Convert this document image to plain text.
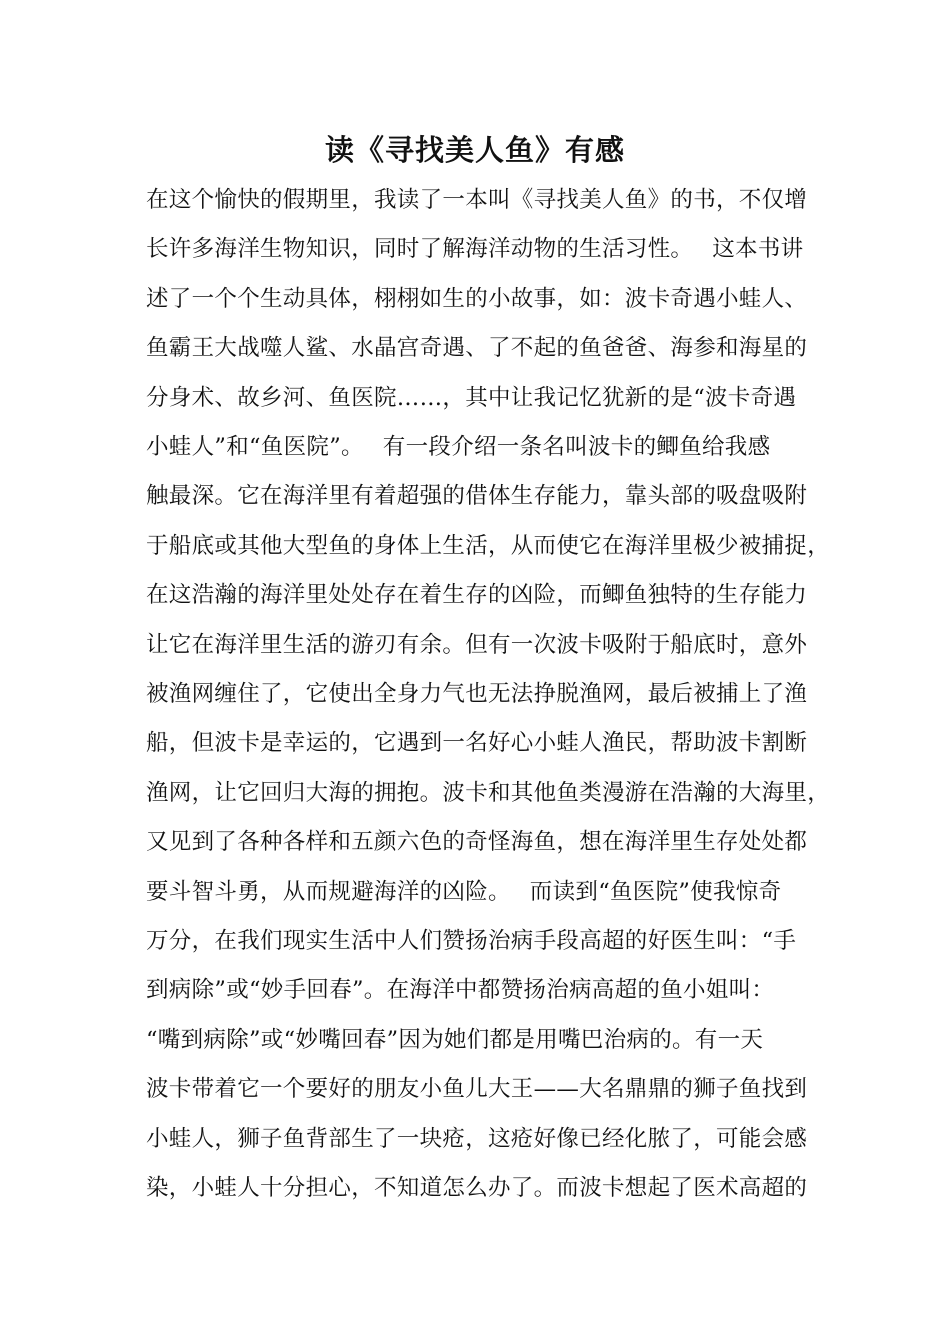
读《寻找美人鱼》有感
在这个愉快的假期里，我读了一本叫《寻找美人鱼》的书，不仅增
长许多海洋生物知识，同时了解海洋动物的生活习性。　 这本书讲
述了一个个生动具体，栩栩如生的小故事，如：波卡奇遇小蛙人、
鱼霸王大战噬人鲨、水晶宫奇遇、了不起的鱼爸爸、海参和海星的
分身术、故乡河、鱼医院……，其中让我记忆犹新的是“波卡奇遇
小蛙人”和“鱼医院”。　 有一段介绍一条名叫波卡的鲫鱼给我感
触最深。它在海洋里有着超强的借体生存能力，靠头部的吸盘吸附
于船底或其他大型鱼的身体上生活，从而使它在海洋里极少被捕捉，
在这浩瀚的海洋里处处存在着生存的凶险，而鲫鱼独特的生存能力
让它在海洋里生活的游刃有余。但有一次波卡吸附于船底时，意外
被渔网缠住了，它使出全身力气也无法挣脱渔网，最后被捕上了渔
船，但波卡是幸运的，它遇到一名好心小蛙人渔民，帮助波卡割断
渔网，让它回归大海的拥抱。波卡和其他鱼类漫游在浩瀚的大海里，
又见到了各种各样和五颜六色的奇怪海鱼，想在海洋里生存处处都
要斗智斗勇，从而规避海洋的凶险。　 而读到“鱼医院”使我惊奇
万分，在我们现实生活中人们赞扬治病手段高超的好医生叫：“手
到病除”或“妙手回春”。在海洋中都赞扬治病高超的鱼小姐叫：
“嘴到病除”或“妙嘴回春”因为她们都是用嘴巴治病的。有一天
波卡带着它一个要好的朋友小鱼儿大王——大名鼎鼎的狮子鱼找到
小蛙人，狮子鱼背部生了一块疮，这疮好像已经化脓了，可能会感
染，小蛙人十分担心，不知道怎么办了。而波卡想起了医术高超的
